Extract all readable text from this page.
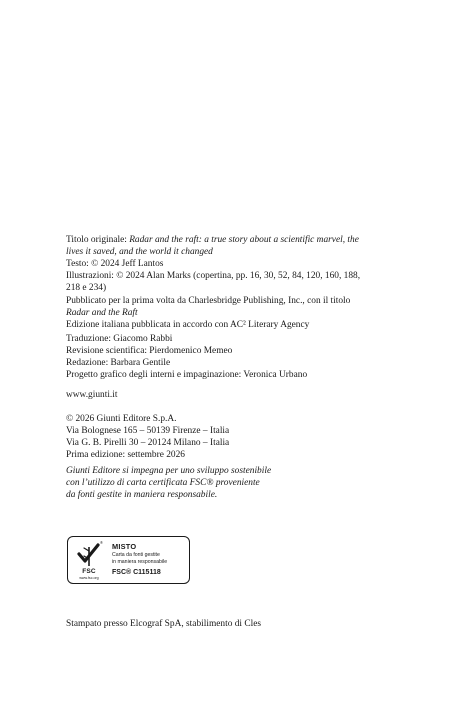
Titolo originale: Radar and the raft: a true story about a scientific marvel, the

lives it saved, and the world it changed

Testo: © 2024 Jeff Lantos

Illustrazioni: © 2024 Alan Marks (copertina, pp. 16, 30, 52, 84, 120, 160, 188,

218 e 234)

Pubblicato per la prima volta da Charlesbridge Publishing, Inc., con il titolo

Radar and the Raft

Edizione italiana pubblicata in accordo con AC² Literary Agency

Traduzione: Giacomo Rabbi

Revisione scientifica: Pierdomenico Memeo

Redazione: Barbara Gentile

Progetto grafico degli interni e impaginazione: Veronica Urbano

www.giunti.it

© 2026 Giunti Editore S.p.A.

Via Bolognese 165 – 50139 Firenze – Italia

Via G. B. Pirelli 30 – 20124 Milano – Italia

Prima edizione: settembre 2026

Giunti Editore si impegna per uno sviluppo sostenibile

con l’utilizzo di carta certificata FSC® proveniente

da fonti gestite in maniera responsabile.

FSC
www.fsc.org
® MISTO
Carta da fonti gestite
in maniera responsabile
FSC® C115118

Stampato presso Elcograf SpA, stabilimento di Cles
